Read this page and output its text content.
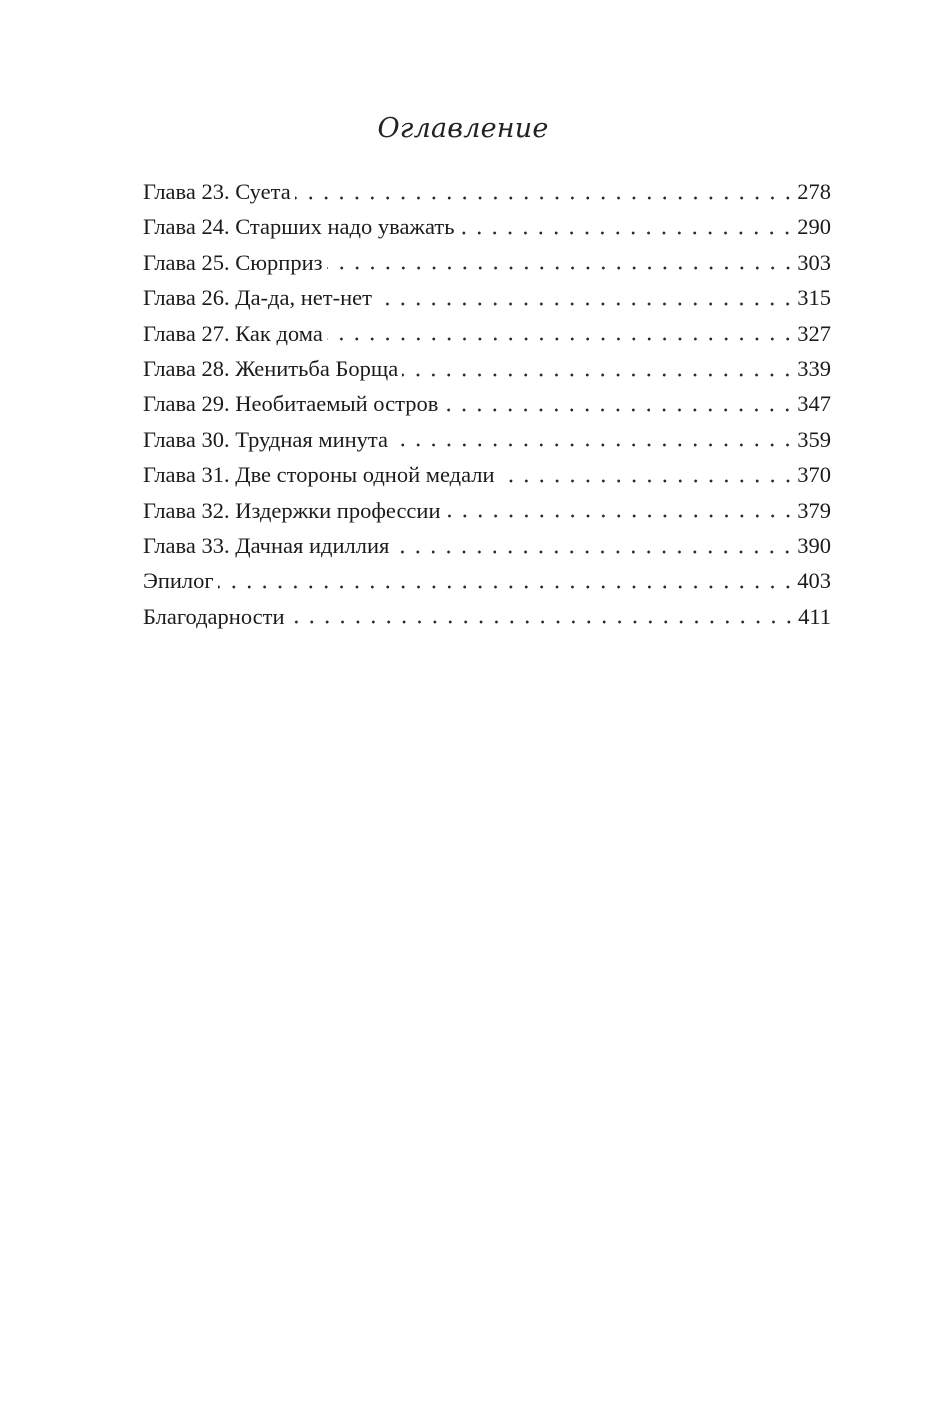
Оглавление
Глава 23. Суета	278
Глава 24. Старших надо уважать	290
Глава 25. Сюрприз	303
Глава 26. Да-да, нет-нет	315
Глава 27. Как дома	327
Глава 28. Женитьба Борща	339
Глава 29. Необитаемый остров	347
Глава 30. Трудная минута	359
Глава 31. Две стороны одной медали	370
Глава 32. Издержки профессии	379
Глава 33. Дачная идиллия	390
Эпилог	403
Благодарности	411
